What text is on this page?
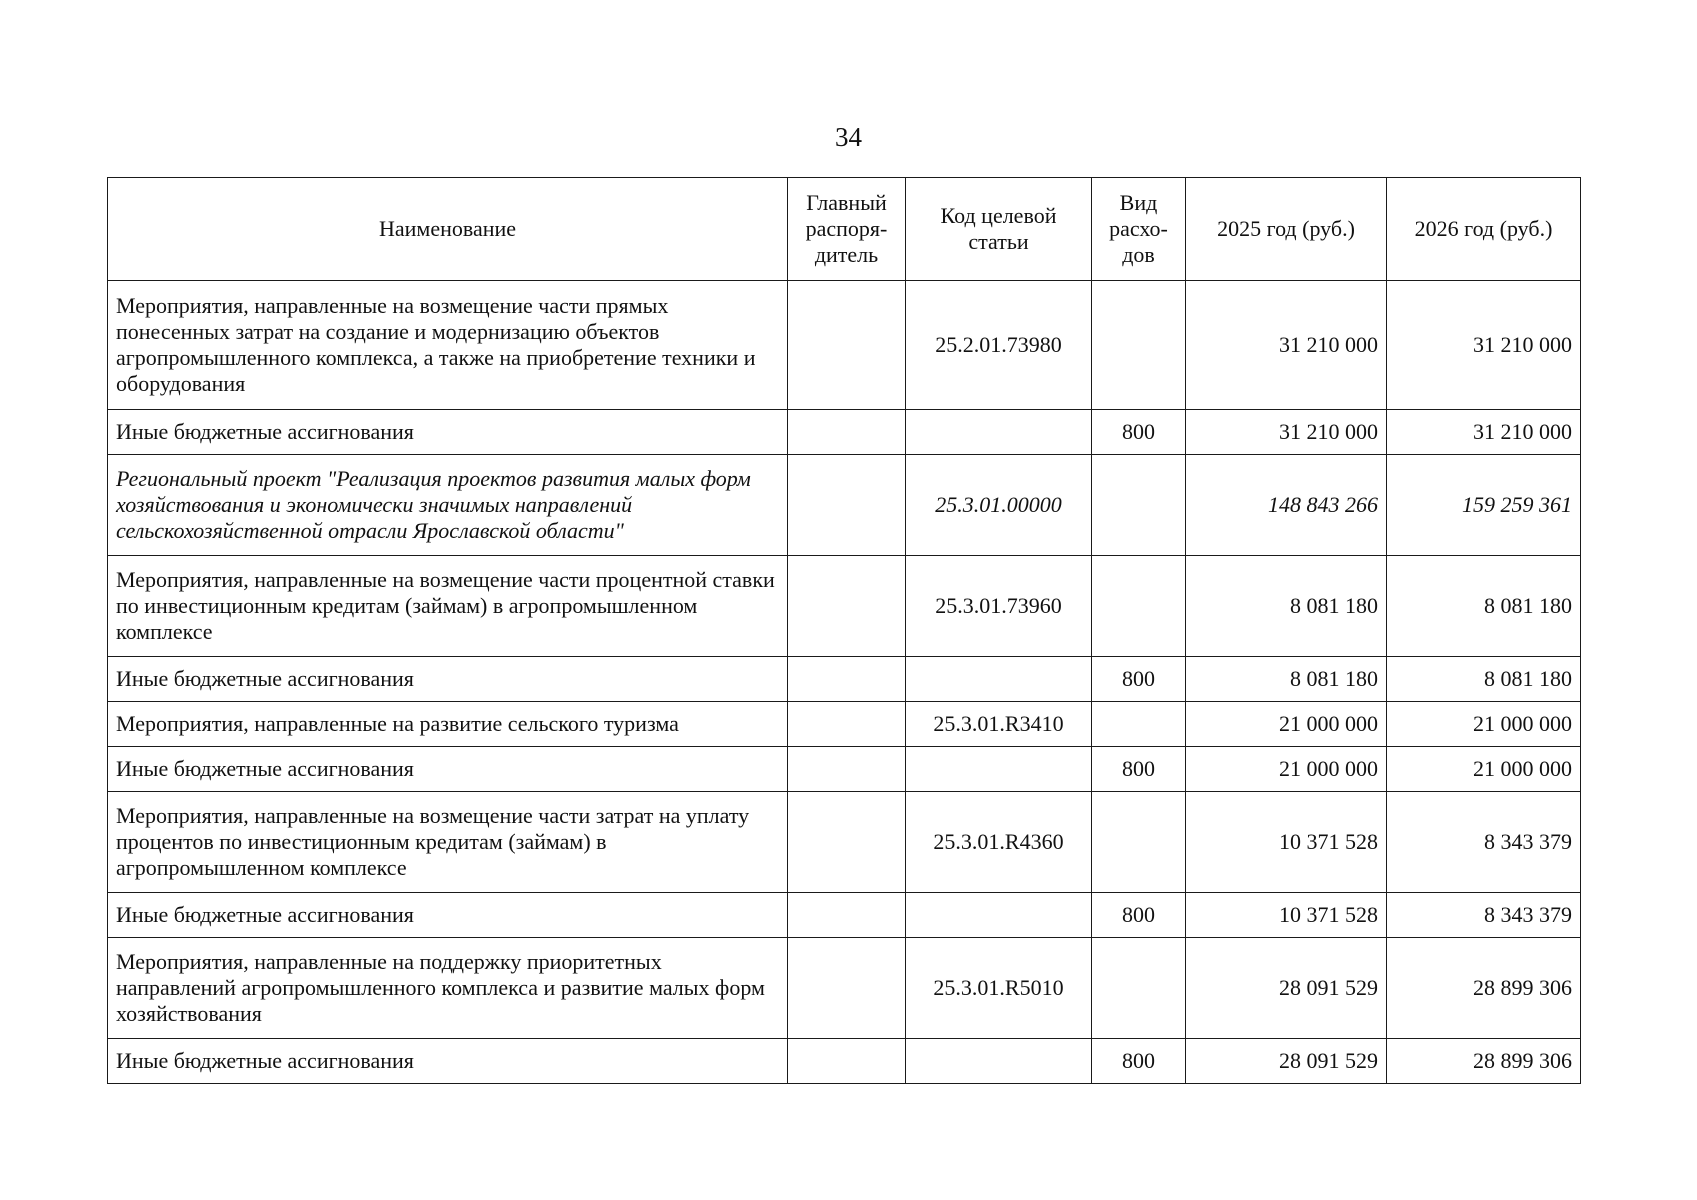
34
Наименование	Главный распоря-дитель	Код целевой статьи	Вид расхо-дов	2025 год (руб.)	2026 год (руб.)
Мероприятия, направленные на возмещение части прямых понесенных затрат на создание и модернизацию объектов агропромышленного комплекса, а также на приобретение техники и оборудования		25.2.01.73980		31 210 000	31 210 000
Иные бюджетные ассигнования			800	31 210 000	31 210 000
Региональный проект "Реализация проектов развития малых форм хозяйствования и экономически значимых направлений сельскохозяйственной отрасли Ярославской области"		25.3.01.00000		148 843 266	159 259 361
Мероприятия, направленные на возмещение части процентной ставки по инвестиционным кредитам (займам) в агропромышленном комплексе		25.3.01.73960		8 081 180	8 081 180
Иные бюджетные ассигнования			800	8 081 180	8 081 180
Мероприятия, направленные на развитие сельского туризма		25.3.01.R3410		21 000 000	21 000 000
Иные бюджетные ассигнования			800	21 000 000	21 000 000
Мероприятия, направленные на возмещение части затрат на уплату процентов по инвестиционным кредитам (займам) в агропромышленном комплексе		25.3.01.R4360		10 371 528	8 343 379
Иные бюджетные ассигнования			800	10 371 528	8 343 379
Мероприятия, направленные на поддержку приоритетных направлений агропромышленного комплекса и развитие малых форм хозяйствования		25.3.01.R5010		28 091 529	28 899 306
Иные бюджетные ассигнования			800	28 091 529	28 899 306
